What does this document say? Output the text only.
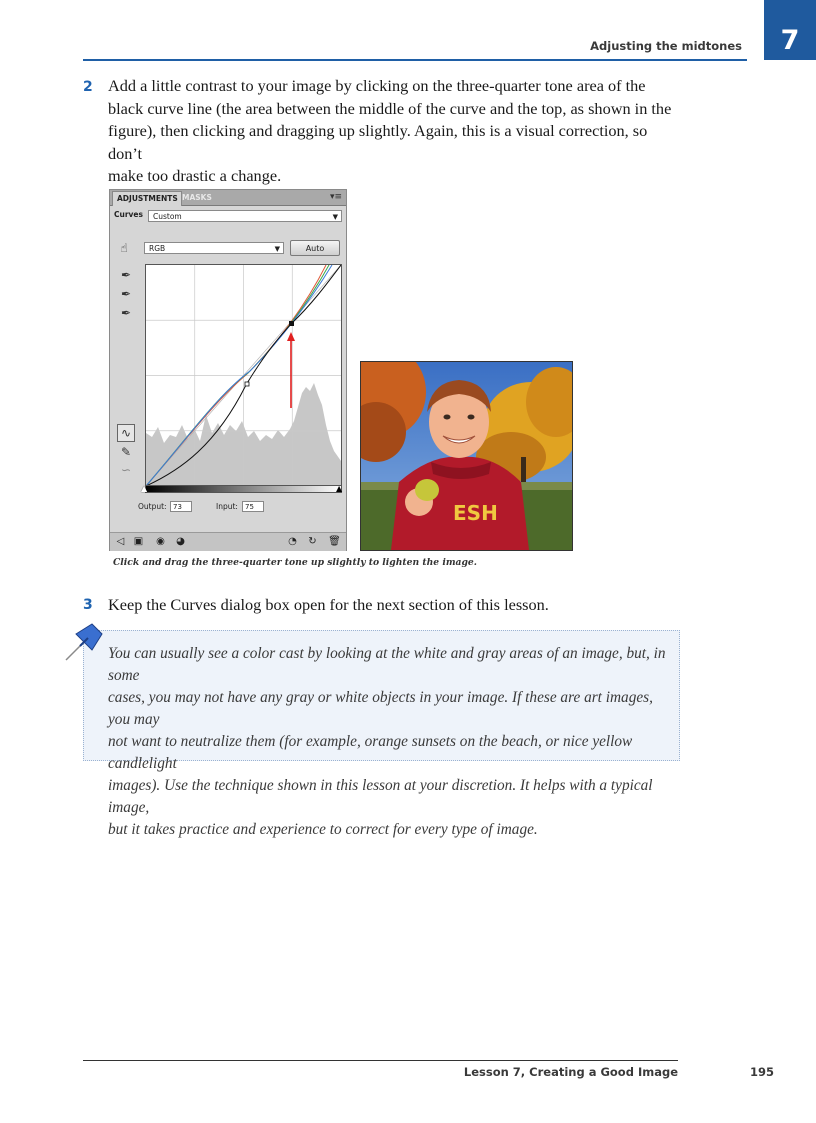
Adjusting the midtones	7
2 Add a little contrast to your image by clicking on the three-quarter tone area of the
black curve line (the area between the middle of the curve and the top, as shown in the
figure), then clicking and dragging up slightly. Again, this is a visual correction, so don’t
make too drastic a change.
ADJUSTMENTS MASKS	▾≡
Curves	Custom	▼
☝	RGB	▼	Auto
✒
✒
✒
∿
✎
∽
▲	▲
Output: 73	Input:	75
◁ ▣ ◉ ◕	◔ ↻ 🗑
ESH
Click and drag the three-quarter tone up slightly to lighten the image.
3 Keep the Curves dialog box open for the next section of this lesson.
You can usually see a color cast by looking at the white and gray areas of an image, but, in some
cases, you may not have any gray or white objects in your image. If these are art images, you may
not want to neutralize them (for example, orange sunsets on the beach, or nice yellow candlelight
images). Use the technique shown in this lesson at your discretion. It helps with a typical image,
but it takes practice and experience to correct for every type of image.
Lesson 7, Creating a Good Image	195
